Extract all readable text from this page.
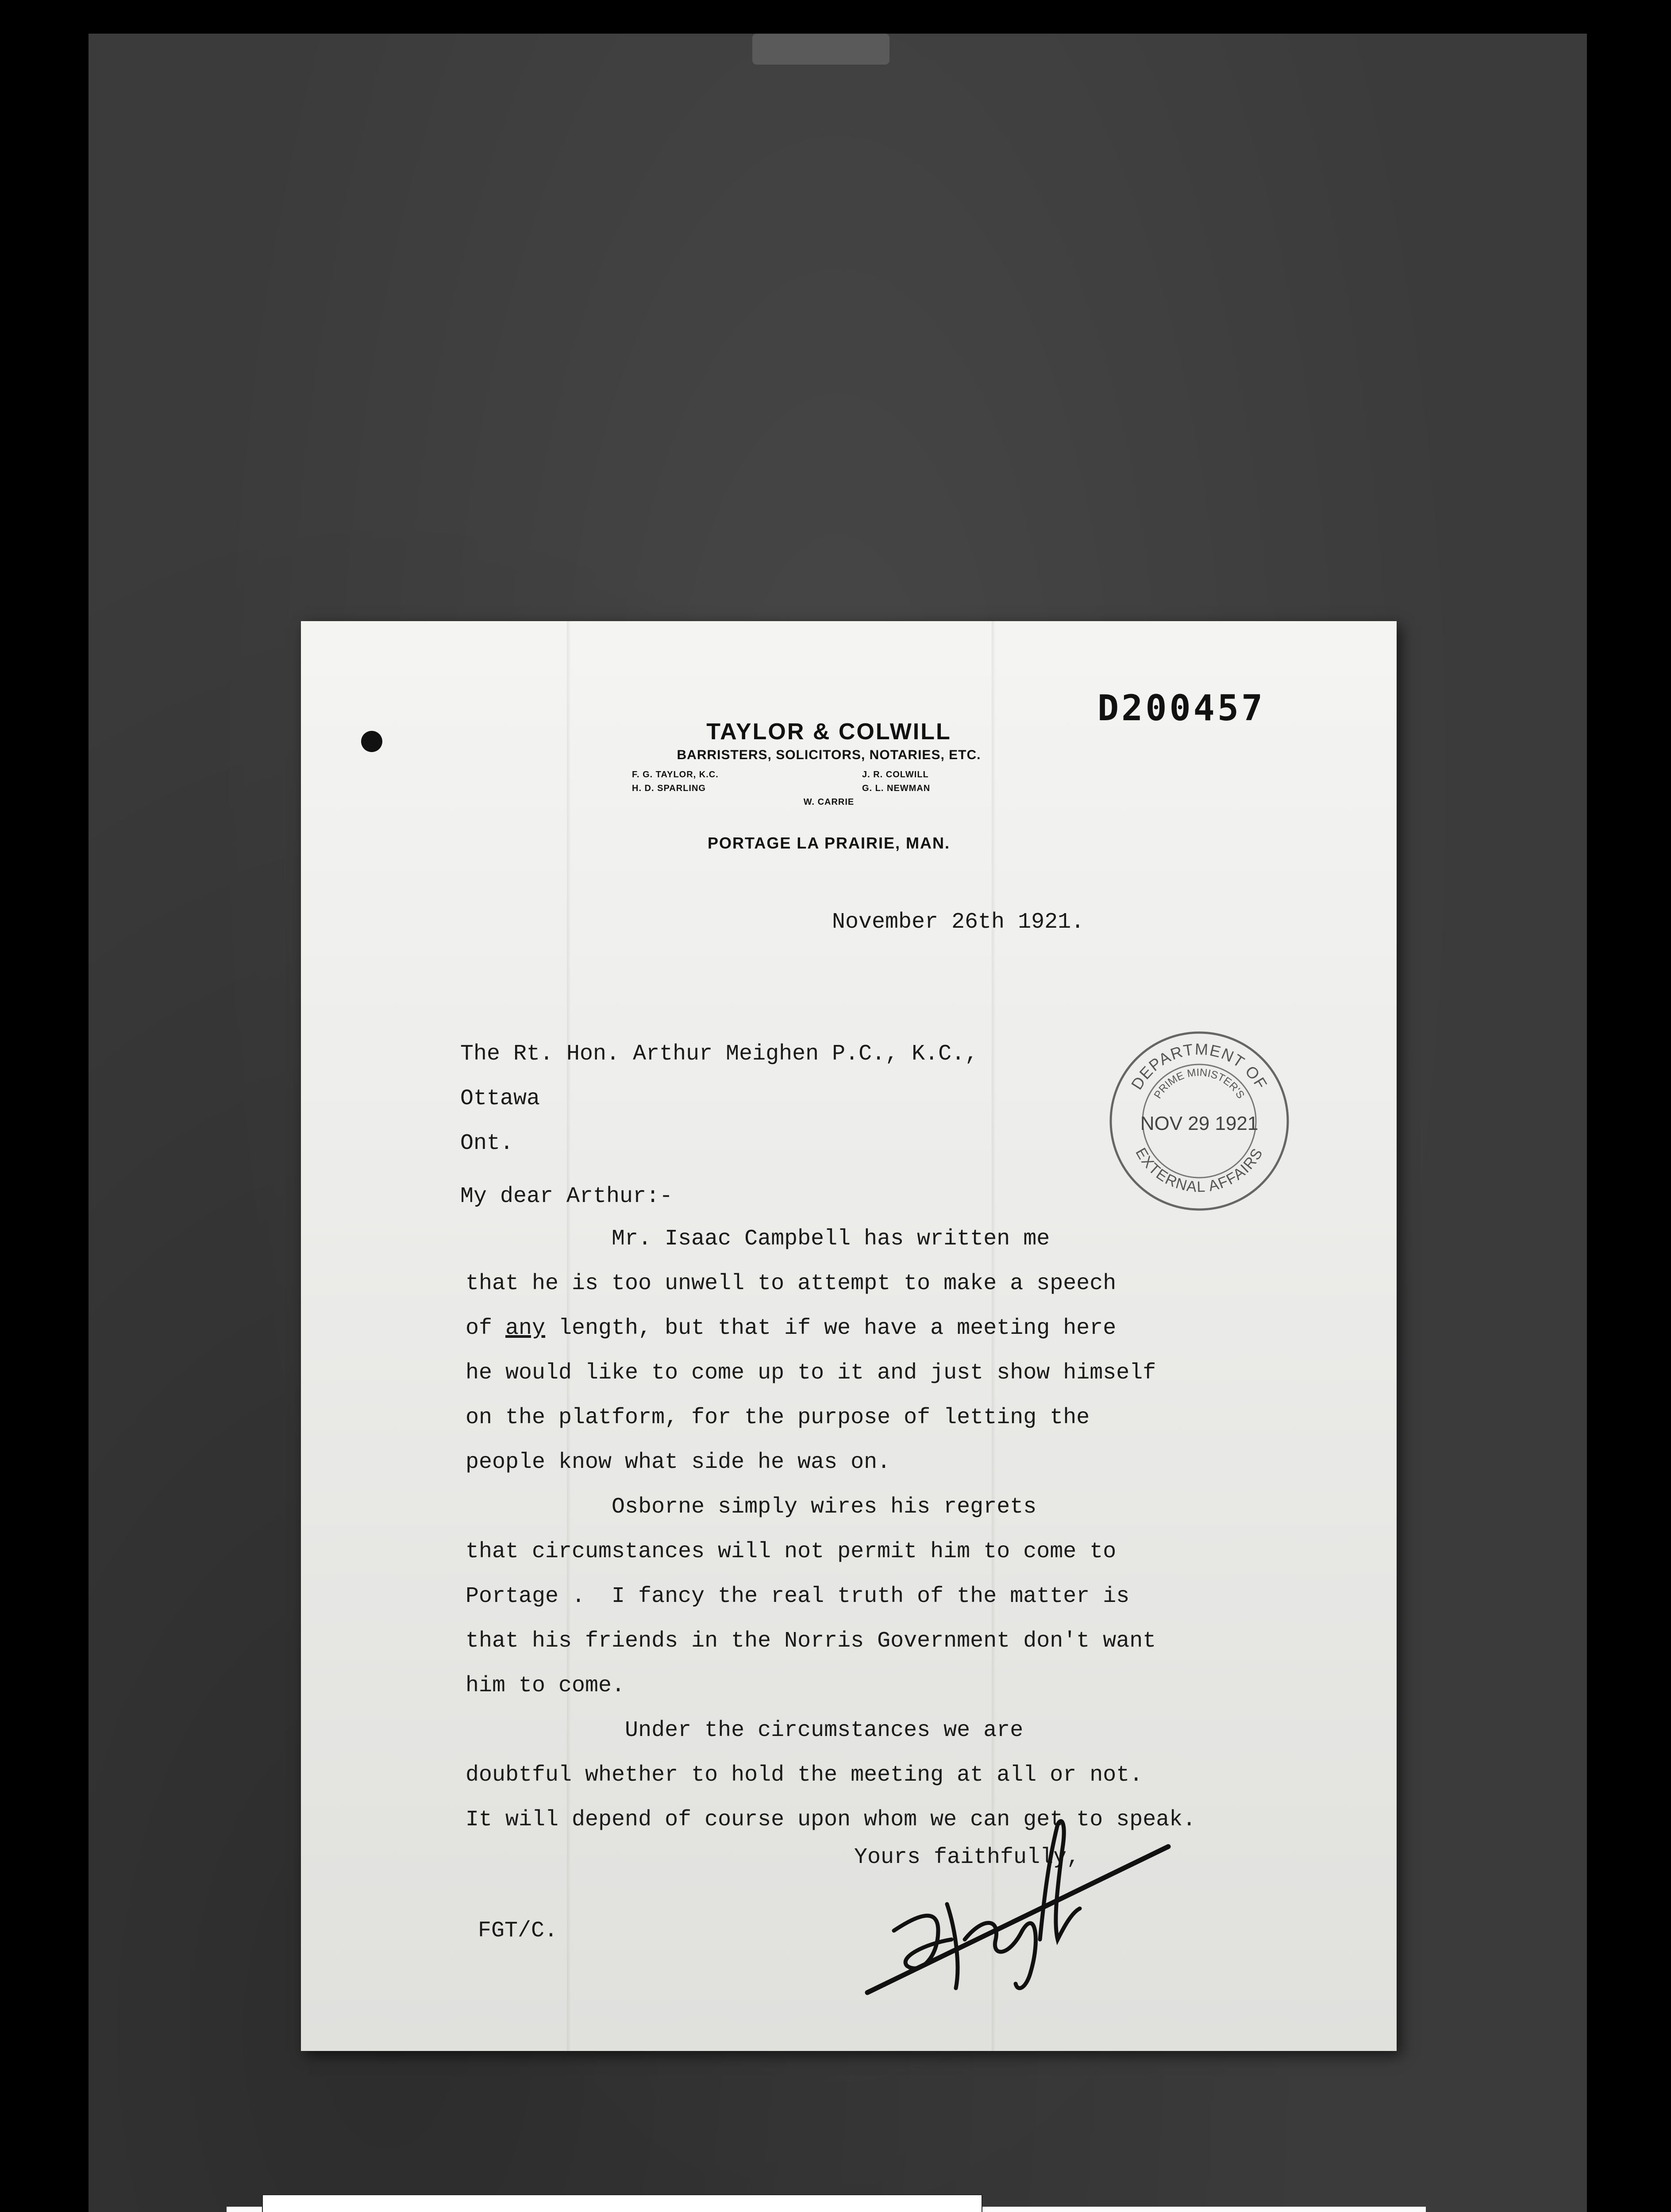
D200457
TAYLOR & COLWILL
BARRISTERS, SOLICITORS, NOTARIES, ETC.
F. G. TAYLOR, K.C.	J. R. COLWILL
H. D. SPARLING	G. L. NEWMAN
W. CARRIE
PORTAGE LA PRAIRIE, MAN.
November 26th 1921.
The Rt. Hon. Arthur Meighen P.C., K.C.,
Ottawa
Ont.
My dear Arthur:-
Mr. Isaac Campbell has written me
that he is too unwell to attempt to make a speech
of any length, but that if we have a meeting here
he would like to come up to it and just show himself
on the platform, for the purpose of letting the
people know what side he was on.
Osborne simply wires his regrets
that circumstances will not permit him to come to
Portage .  I fancy the real truth of the matter is
that his friends in the Norris Government don't want
him to come.
Under the circumstances we are
doubtful whether to hold the meeting at all or not.
It will depend of course upon whom we can get to speak.
Yours faithfully,
FGT/C.
DEPARTMENT OF
PRIME MINISTER'S
NOV 29 1921
EXTERNAL AFFAIRS
